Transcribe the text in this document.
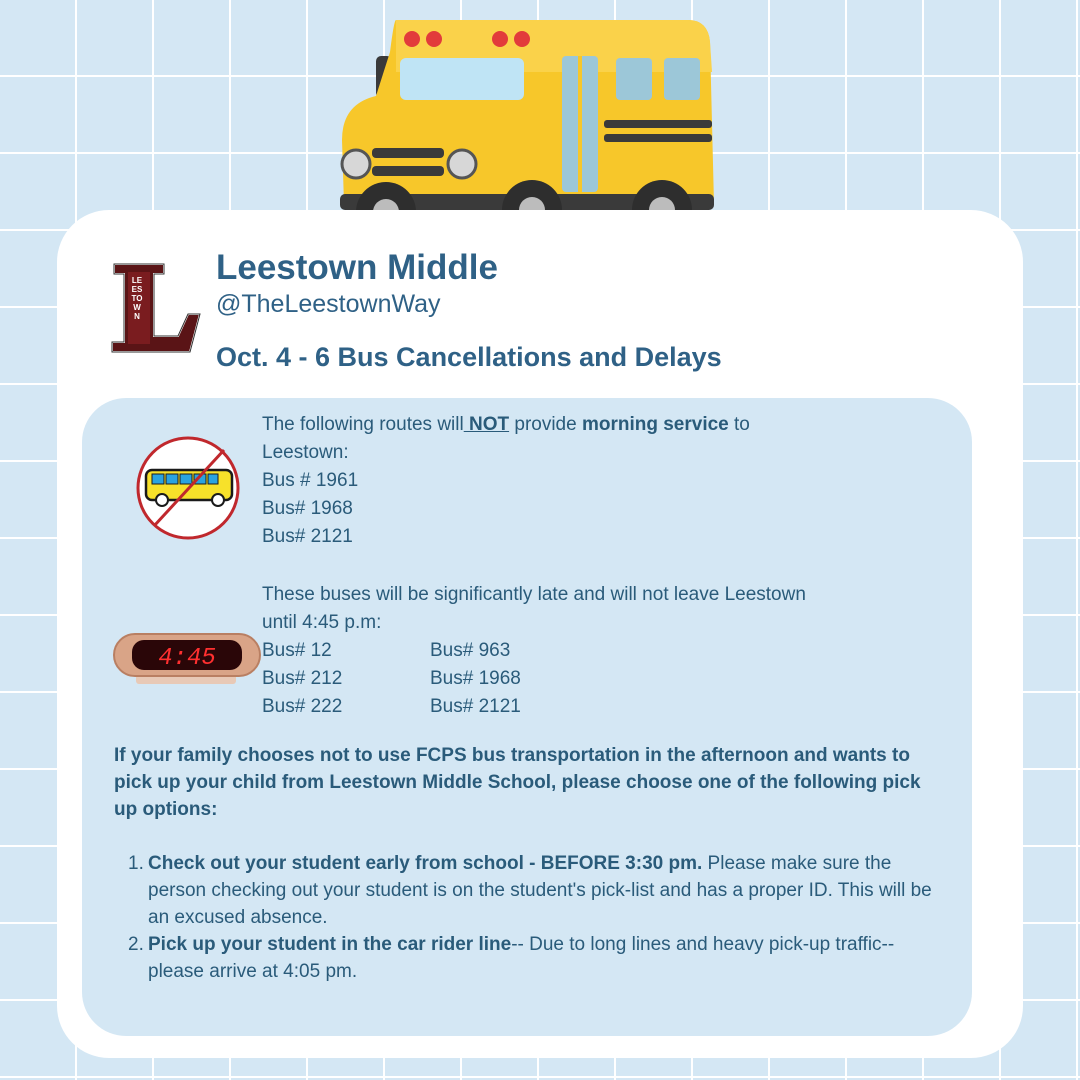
LEESTOWN
Leestown Middle
@TheLeestownWay
Oct. 4 - 6 Bus Cancellations and Delays

The following routes will NOT provide morning service to

Leestown:

Bus # 1961

Bus# 1968

Bus# 2121

4:45

These buses will be significantly late and will not leave Leestown

until 4:45 p.m:

Bus# 12	Bus# 963
Bus# 212	Bus# 1968
Bus# 222	Bus# 2121

If your family chooses not to use FCPS bus transportation in the afternoon and wants to pick up your child from Leestown Middle School, please choose one of the following pick up options:

1. Check out your student early from school - BEFORE 3:30 pm. Please make sure the person checking out your student is on the student's pick-list and has a proper ID. This will be an excused absence.
2. Pick up your student in the car rider line-- Due to long lines and heavy pick-up traffic-- please arrive at 4:05 pm.
